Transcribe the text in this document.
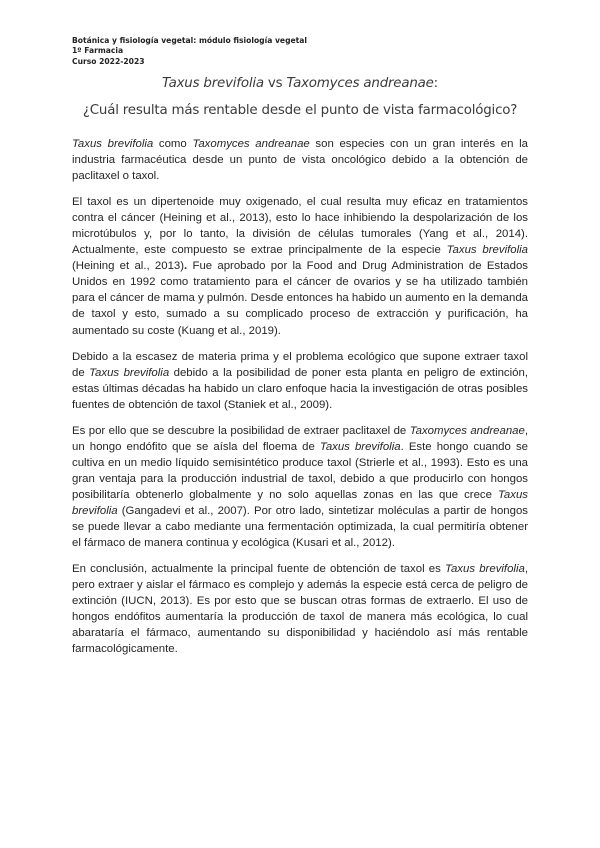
Botánica y fisiología vegetal: módulo fisiología vegetal
1º Farmacia
Curso 2022-2023
Taxus brevifolia vs Taxomyces andreanae:
¿Cuál resulta más rentable desde el punto de vista farmacológico?

Taxus brevifolia como Taxomyces andreanae son especies con un gran interés en la industria farmacéutica desde un punto de vista oncológico debido a la obtención de paclitaxel o taxol.

El taxol es un dipertenoide muy oxigenado, el cual resulta muy eficaz en tratamientos contra el cáncer (Heining et al., 2013), esto lo hace inhibiendo la despolarización de los microtúbulos y, por lo tanto, la división de células tumorales (Yang et al., 2014). Actualmente, este compuesto se extrae principalmente de la especie Taxus brevifolia (Heining et al., 2013). Fue aprobado por la Food and Drug Administration de Estados Unidos en 1992 como tratamiento para el cáncer de ovarios y se ha utilizado también para el cáncer de mama y pulmón. Desde entonces ha habido un aumento en la demanda de taxol y esto, sumado a su complicado proceso de extracción y purificación, ha aumentado su coste (Kuang et al., 2019).

Debido a la escasez de materia prima y el problema ecológico que supone extraer taxol de Taxus brevifolia debido a la posibilidad de poner esta planta en peligro de extinción, estas últimas décadas ha habido un claro enfoque hacia la investigación de otras posibles fuentes de obtención de taxol (Staniek et al., 2009).

Es por ello que se descubre la posibilidad de extraer paclitaxel de Taxomyces andreanae, un hongo endófito que se aísla del floema de Taxus brevifolia. Este hongo cuando se cultiva en un medio líquido semisintético produce taxol (Strierle et al., 1993). Esto es una gran ventaja para la producción industrial de taxol, debido a que producirlo con hongos posibilitaría obtenerlo globalmente y no solo aquellas zonas en las que crece Taxus brevifolia (Gangadevi et al., 2007). Por otro lado, sintetizar moléculas a partir de hongos se puede llevar a cabo mediante una fermentación optimizada, la cual permitiría obtener el fármaco de manera continua y ecológica (Kusari et al., 2012).

En conclusión, actualmente la principal fuente de obtención de taxol es Taxus brevifolia, pero extraer y aislar el fármaco es complejo y además la especie está cerca de peligro de extinción (IUCN, 2013). Es por esto que se buscan otras formas de extraerlo. El uso de hongos endófitos aumentaría la producción de taxol de manera más ecológica, lo cual abarataría el fármaco, aumentando su disponibilidad y haciéndolo así más rentable farmacológicamente.
